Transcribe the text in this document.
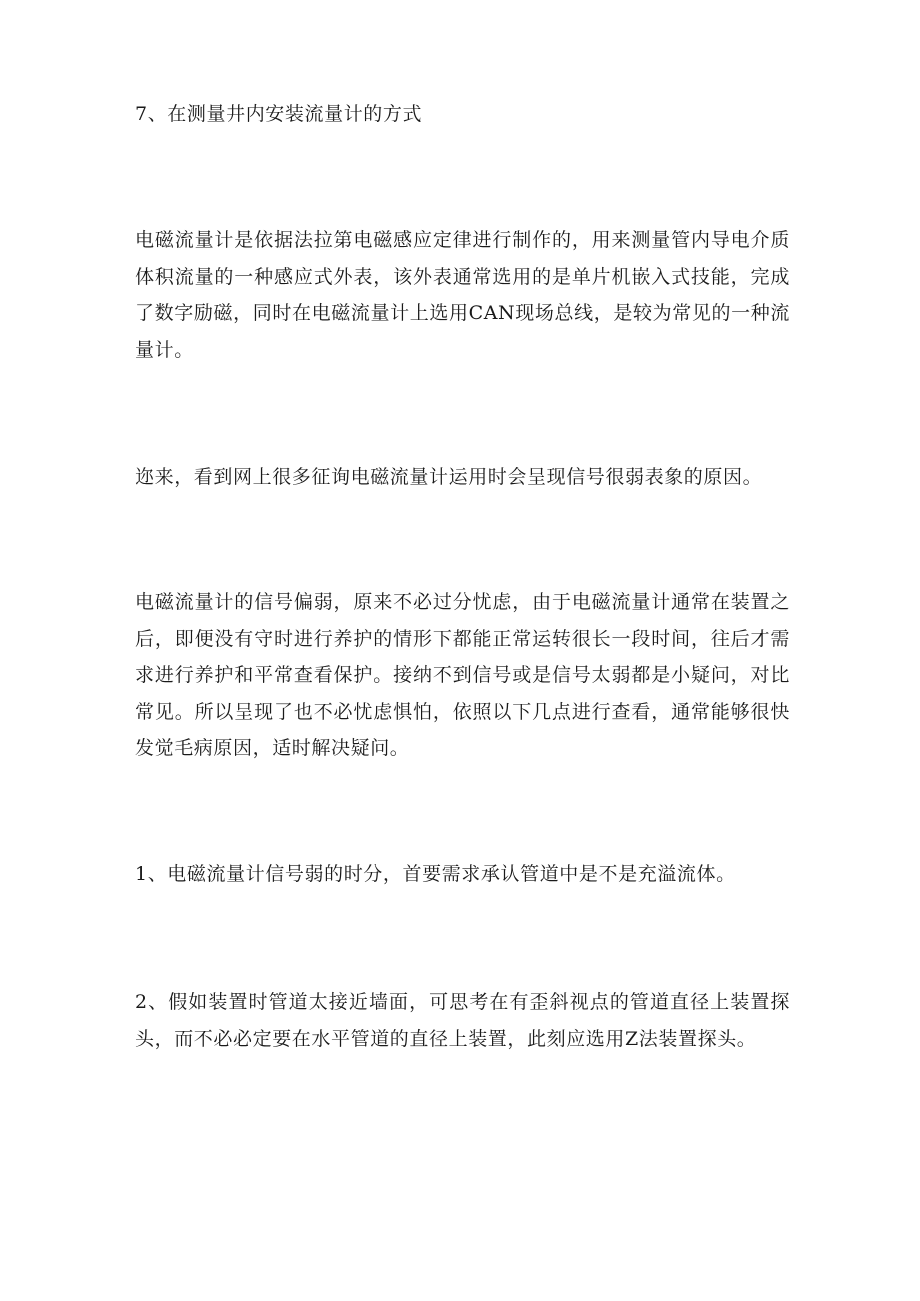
7、在测量井内安装流量计的方式

电磁流量计是依据法拉第电磁感应定律进行制作的，用来测量管内导电介质体积流量的一种感应式外表，该外表通常选用的是单片机嵌入式技能，完成了数字励磁，同时在电磁流量计上选用CAN现场总线，是较为常见的一种流量计。

迩来，看到网上很多征询电磁流量计运用时会呈现信号很弱表象的原因。

电磁流量计的信号偏弱，原来不必过分忧虑，由于电磁流量计通常在装置之后，即便没有守时进行养护的情形下都能正常运转很长一段时间，往后才需求进行养护和平常查看保护。接纳不到信号或是信号太弱都是小疑问，对比常见。所以呈现了也不必忧虑惧怕，依照以下几点进行查看，通常能够很快发觉毛病原因，适时解决疑问。

1、电磁流量计信号弱的时分，首要需求承认管道中是不是充溢流体。

2、假如装置时管道太接近墙面，可思考在有歪斜视点的管道直径上装置探头，而不必必定要在水平管道的直径上装置，此刻应选用Z法装置探头。
